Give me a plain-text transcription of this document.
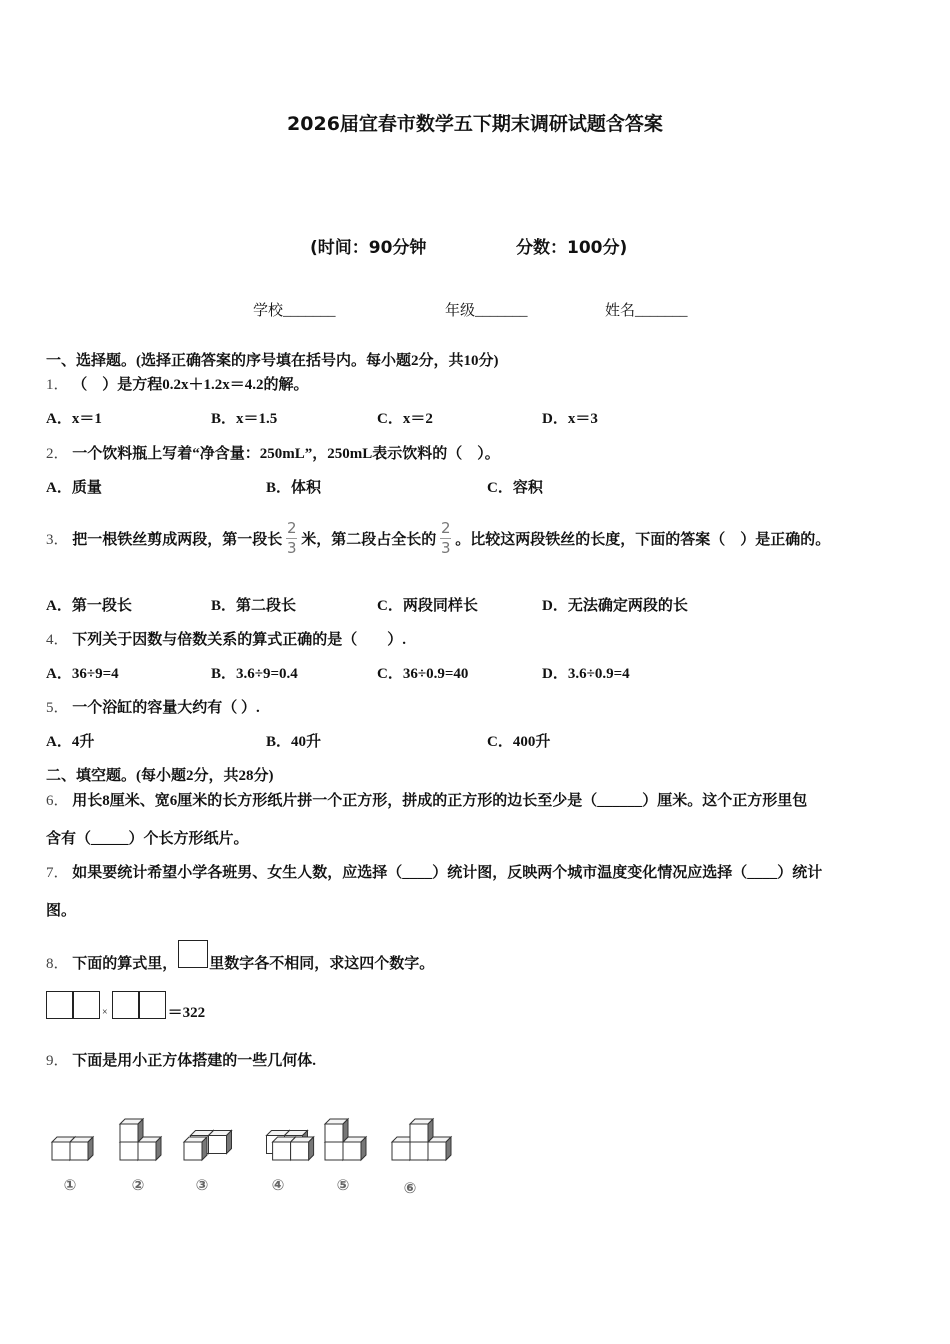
2026届宜春市数学五下期末调研试题含答案
(时间：90分钟	分数：100分)
学校_______	年级_______	姓名_______
一、选择题。(选择正确答案的序号填在括号内。每小题2分，共10分)
1． （　）是方程0.2x＋1.2x＝4.2的解。
A．x＝1	B．x＝1.5	C．x＝2	D．x＝3
2． 一个饮料瓶上写着“净含量：250mL”，250mL表示饮料的（　）。
A．质量	B．体积	C．容积
3．
把一根铁丝剪成两段，第一段长 $\frac{2}{3}$ 米，第二段占全长的 $\frac{2}{3}$ 。比较这两段铁丝的长度，下面的答案（　）是正确的。
A．第一段长	B．第二段长	C．两段同样长	D．无法确定两段的长
4． 下列关于因数与倍数关系的算式正确的是（　　）.
A．36÷9=4	B．3.6÷9=0.4	C．36÷0.9=40	D．3.6÷0.9=4
5． 一个浴缸的容量大约有（ ）.
A．4升	B．40升	C．400升
二、填空题。(每小题2分，共28分)
6． 用长8厘米、宽6厘米的长方形纸片拼一个正方形，拼成的正方形的边长至少是（______）厘米。这个正方形里包
含有（_____）个长方形纸片。
7． 如果要统计希望小学各班男、女生人数，应选择（____）统计图，反映两个城市温度变化情况应选择（____）统计
图。
8．
下面的算式里， 里数字各不相同，求这四个数字。
×	＝322
9． 下面是用小正方体搭建的一些几何体.
①	②	③	④	⑤	⑥
